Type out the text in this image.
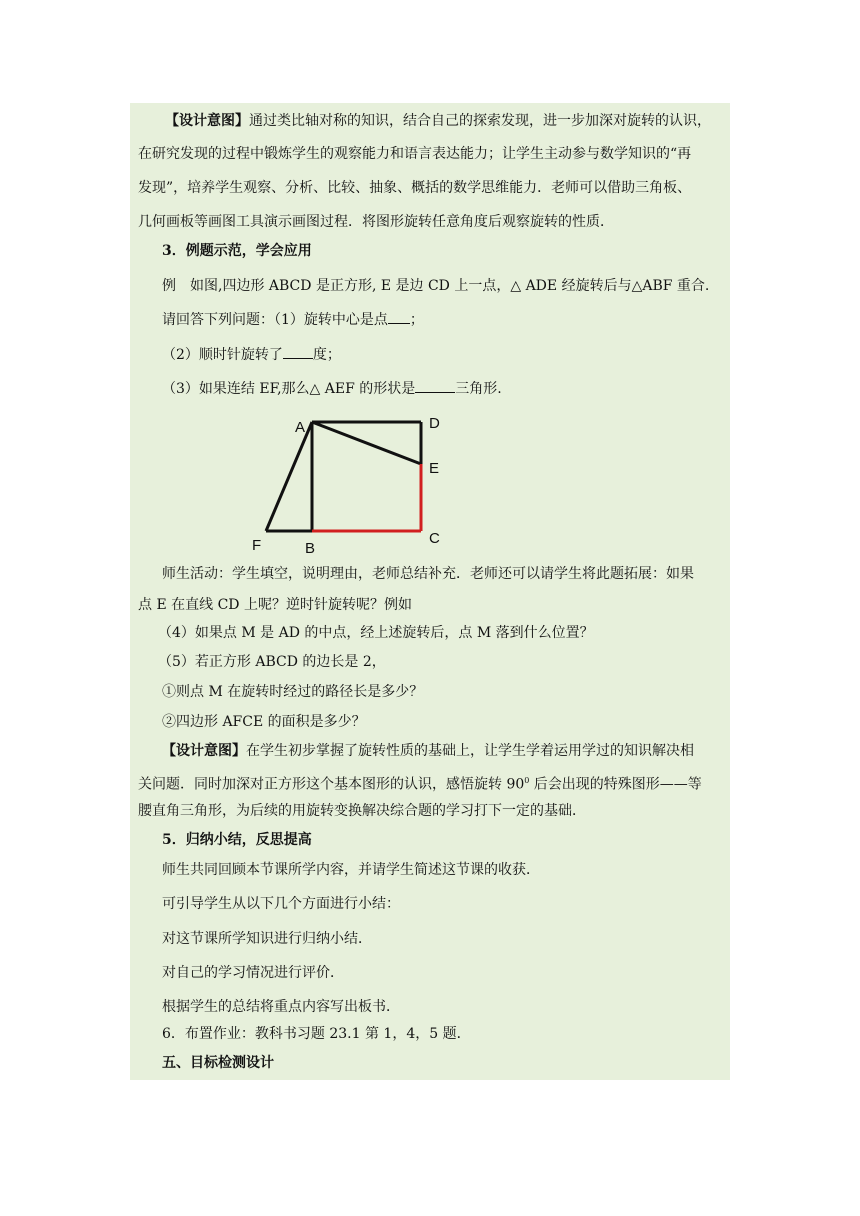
【设计意图】通过类比轴对称的知识，结合自己的探索发现，进一步加深对旋转的认识，
在研究发现的过程中锻炼学生的观察能力和语言表达能力；让学生主动参与数学知识的“再
发现”，培养学生观察、分析、比较、抽象、概括的数学思维能力．老师可以借助三角板、
几何画板等画图工具演示画图过程．将图形旋转任意角度后观察旋转的性质．
3．例题示范，学会应用
例　如图,四边形 ABCD 是正方形, E 是边 CD 上一点，△ ADE 经旋转后与△ABF 重合.
请回答下列问题：（1）旋转中心是点 ；
（2）顺时针旋转了 度；
（3）如果连结 EF,那么△ AEF 的形状是	三角形.
A	D
E
C
B
F
师生活动：学生填空，说明理由，老师总结补充．老师还可以请学生将此题拓展：如果
点 E 在直线 CD 上呢？逆时针旋转呢？例如
（4）如果点 M 是 AD 的中点，经上述旋转后，点 M 落到什么位置？
（5）若正方形 ABCD 的边长是 2，
①则点 M 在旋转时经过的路径长是多少？
②四边形 AFCE 的面积是多少？
【设计意图】在学生初步掌握了旋转性质的基础上，让学生学着运用学过的知识解决相
关问题．同时加深对正方形这个基本图形的认识，感悟旋转 $90^0$ 后会出现的特殊图形——等
腰直角三角形，为后续的用旋转变换解决综合题的学习打下一定的基础．
5．归纳小结，反思提高
师生共同回顾本节课所学内容，并请学生简述这节课的收获．
可引导学生从以下几个方面进行小结：
对这节课所学知识进行归纳小结．
对自己的学习情况进行评价．
根据学生的总结将重点内容写出板书．
6．布置作业：教科书习题 23.1 第 1，4，5 题．
五、目标检测设计
